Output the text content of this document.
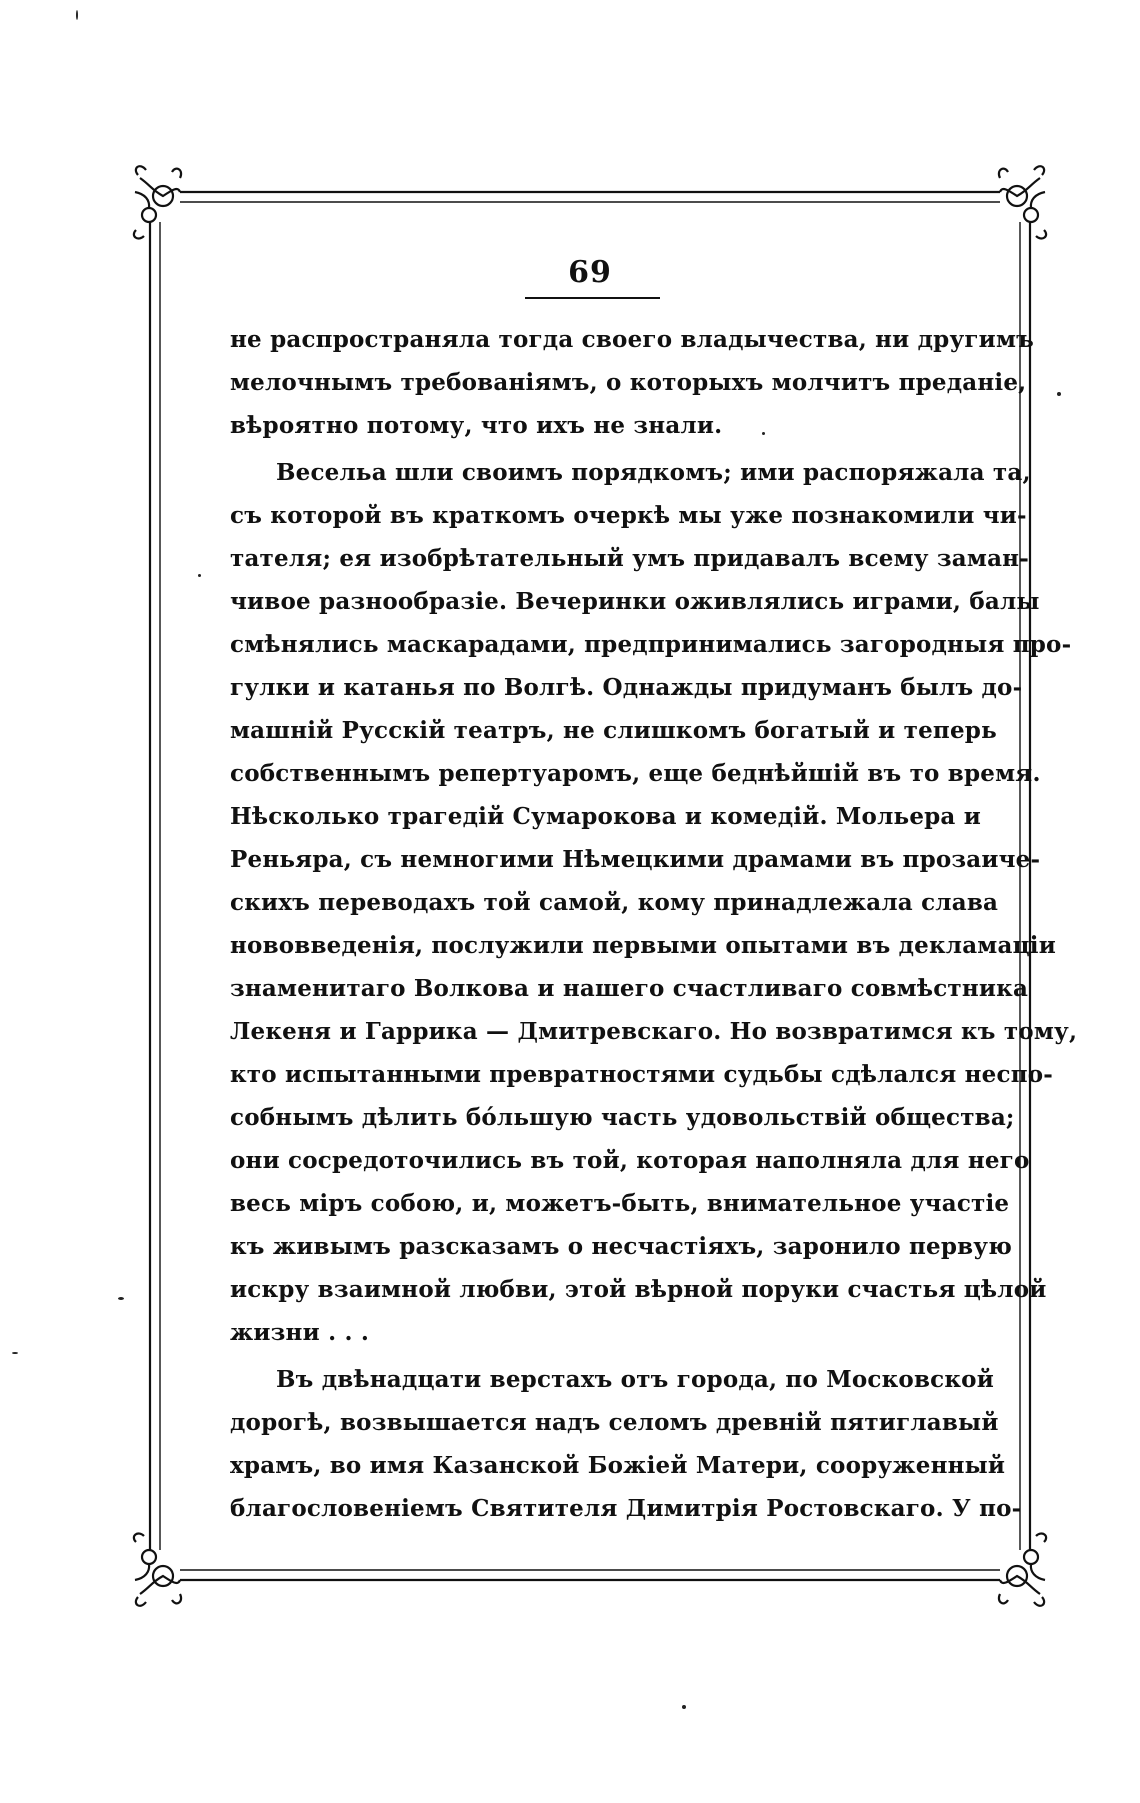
69
не распространяла тогда своего владычества, ни другимъ
мелочнымъ требованіямъ, о которыхъ молчитъ преданіе,
вѣроятно потому, что ихъ не знали.
Весельа шли своимъ порядкомъ; ими распоряжала та,
съ которой въ краткомъ очеркѣ мы уже познакомили чи-
тателя; ея изобрѣтательный умъ придавалъ всему заман-
чивое разнообразіе. Вечеринки оживлялись играми, балы
смѣнялись маскарадами, предпринимались загородныя про-
гулки и катанья по Волгѣ. Однажды придуманъ былъ до-
машній Русскій театръ, не слишкомъ богатый и теперь
собственнымъ репертуаромъ, еще беднѣйшій въ то время.
Нѣсколько трагедій Сумарокова и комедій. Мольера и
Реньяра, съ немногими Нѣмецкими драмами въ прозаиче-
скихъ переводахъ той самой, кому принадлежала слава
нововведенія, послужили первыми опытами въ декламаціи
знаменитаго Волкова и нашего счастливаго совмѣстника
Лекеня и Гаррика — Дмитревскаго. Но возвратимся къ тому,
кто испытанными превратностями судьбы сдѣлался неспо-
собнымъ дѣлить бо́льшую часть удовольствій общества;
они сосредоточились въ той, которая наполняла для него
весь міръ собою, и, можетъ-быть, внимательное участіе
къ живымъ разсказамъ о несчастіяхъ, заронило первую
искру взаимной любви, этой вѣрной поруки счастья цѣлой
жизни . . .
Въ двѣнадцати верстахъ отъ города, по Московской
дорогѣ, возвышается надъ селомъ древній пятиглавый
храмъ, во имя Казанской Божіей Матери, сооруженный
благословеніемъ Святителя Димитрія Ростовскаго. У по-
